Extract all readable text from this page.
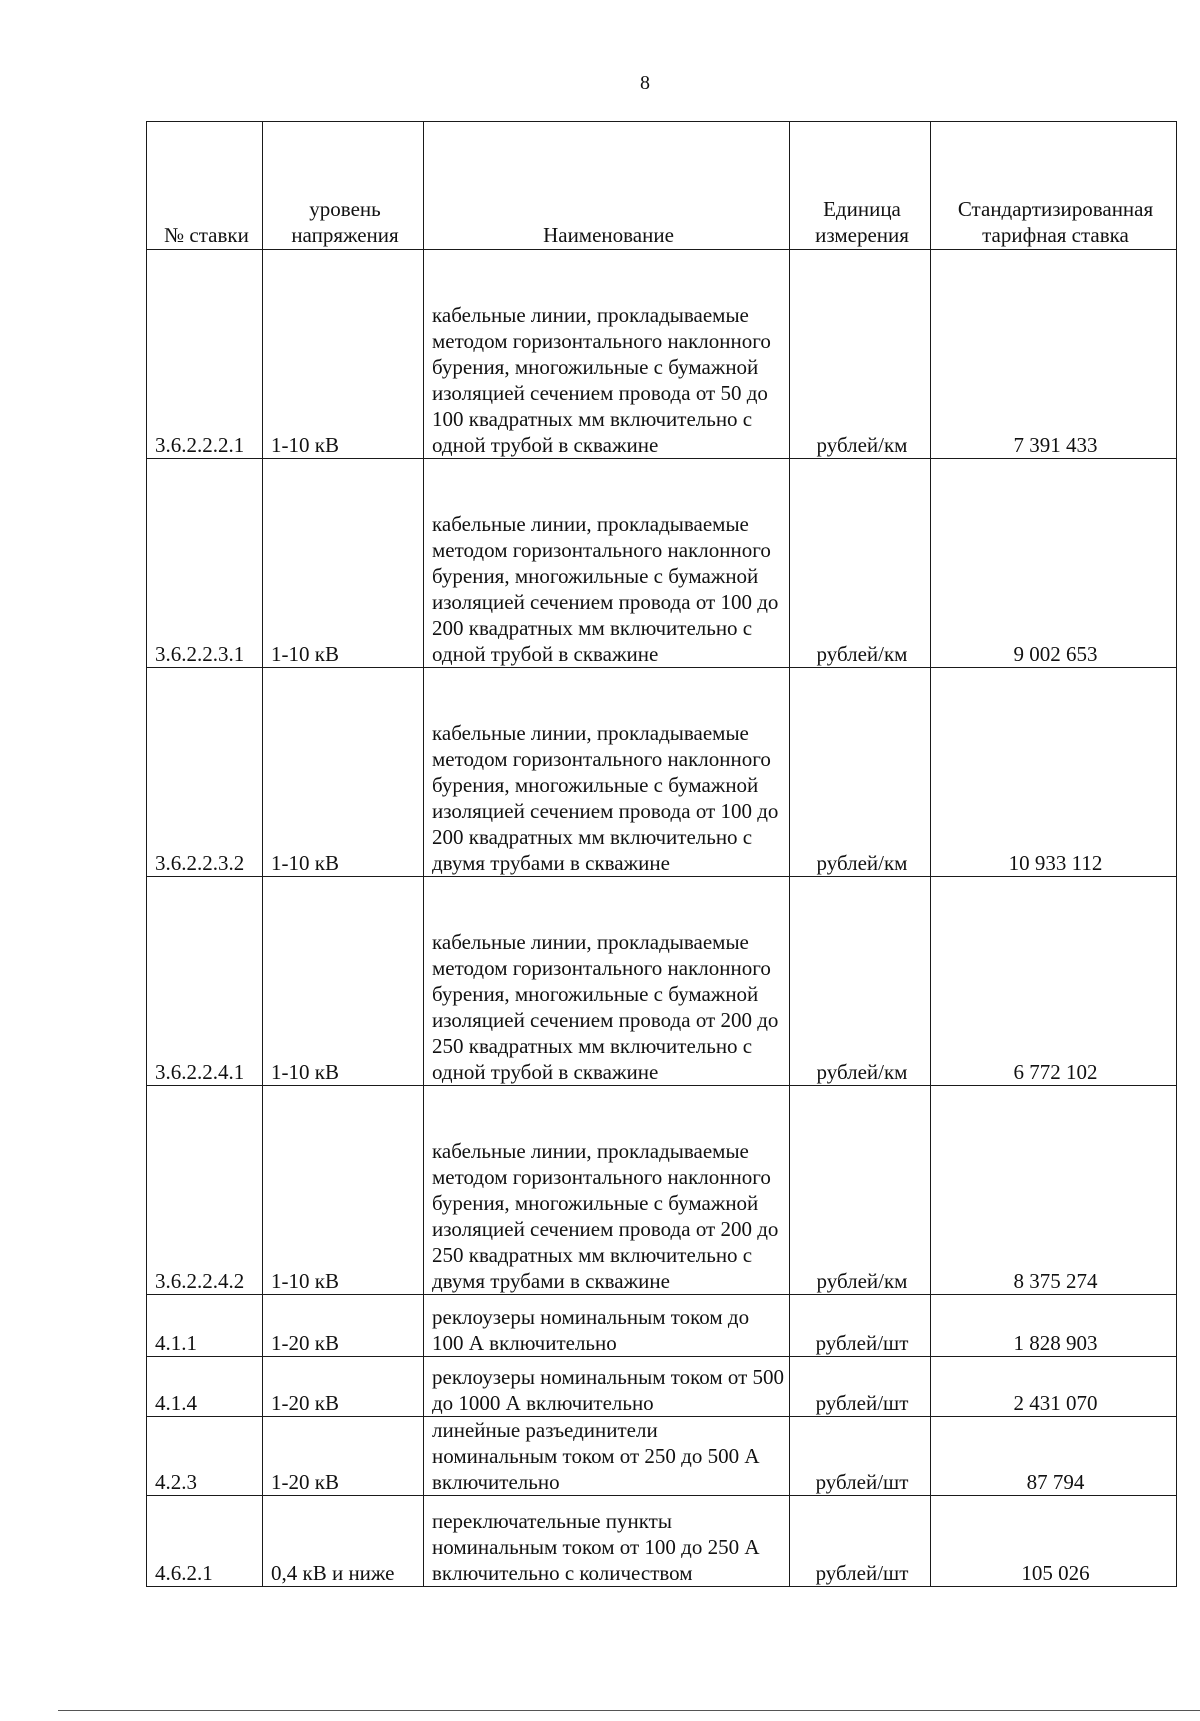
8
№ ставки	уровень напряжения	Наименование	Единица измерения	Стандартизированная тарифная ставка
3.6.2.2.2.1	1-10 кВ	кабельные линии, прокладываемые методом горизонтального наклонного бурения, многожильные с бумажной изоляцией сечением провода от 50 до 100 квадратных мм включительно с одной трубой в скважине	рублей/км	7 391 433
3.6.2.2.3.1	1-10 кВ	кабельные линии, прокладываемые методом горизонтального наклонного бурения, многожильные с бумажной изоляцией сечением провода от 100 до 200 квадратных мм включительно с одной трубой в скважине	рублей/км	9 002 653
3.6.2.2.3.2	1-10 кВ	кабельные линии, прокладываемые методом горизонтального наклонного бурения, многожильные с бумажной изоляцией сечением провода от 100 до 200 квадратных мм включительно с двумя трубами в скважине	рублей/км	10 933 112
3.6.2.2.4.1	1-10 кВ	кабельные линии, прокладываемые методом горизонтального наклонного бурения, многожильные с бумажной изоляцией сечением провода от 200 до 250 квадратных мм включительно с одной трубой в скважине	рублей/км	6 772 102
3.6.2.2.4.2	1-10 кВ	кабельные линии, прокладываемые методом горизонтального наклонного бурения, многожильные с бумажной изоляцией сечением провода от 200 до 250 квадратных мм включительно с двумя трубами в скважине	рублей/км	8 375 274
4.1.1	1-20 кВ	реклоузеры номинальным током до 100 А включительно	рублей/шт	1 828 903
4.1.4	1-20 кВ	реклоузеры номинальным током от 500 до 1000 А включительно	рублей/шт	2 431 070
4.2.3	1-20 кВ	линейные разъединители номинальным током от 250 до 500 А включительно	рублей/шт	87 794
4.6.2.1	0,4 кВ и ниже	переключательные пункты номинальным током от 100 до 250 А включительно с количеством	рублей/шт	105 026
